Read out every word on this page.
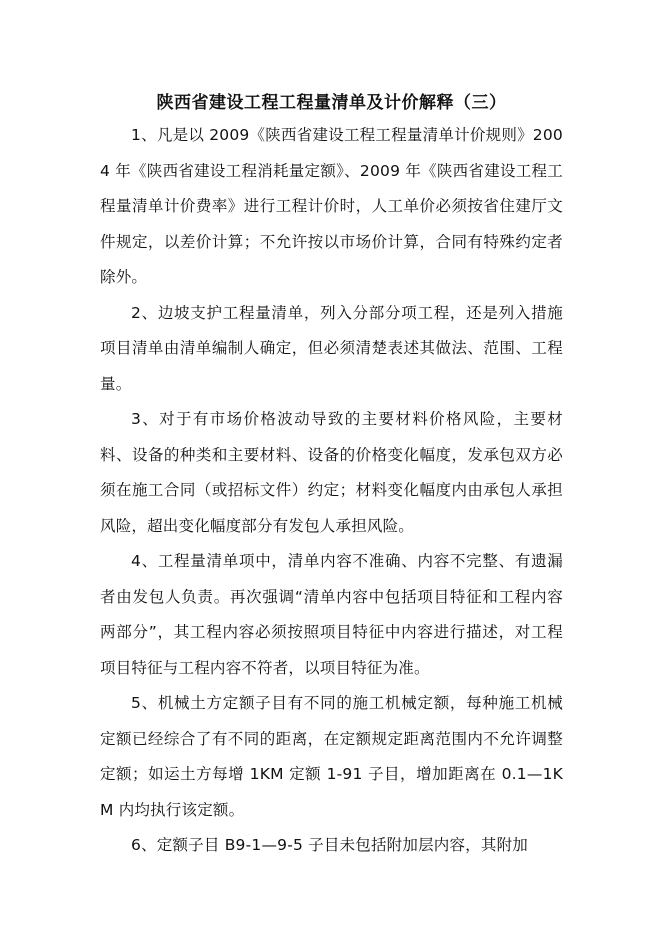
陕西省建设工程工程量清单及计价解释（三）

1、凡是以 2009《陕西省建设工程工程量清单计价规则》2004 年《陕西省建设工程消耗量定额》、2009 年《陕西省建设工程工程量清单计价费率》进行工程计价时，人工单价必须按省住建厅文件规定，以差价计算；不允许按以市场价计算，合同有特殊约定者除外。

2、边坡支护工程量清单，列入分部分项工程，还是列入措施项目清单由清单编制人确定，但必须清楚表述其做法、范围、工程量。

3、对于有市场价格波动导致的主要材料价格风险，主要材料、设备的种类和主要材料、设备的价格变化幅度，发承包双方必须在施工合同（或招标文件）约定；材料变化幅度内由承包人承担风险，超出变化幅度部分有发包人承担风险。

4、工程量清单项中，清单内容不准确、内容不完整、有遗漏者由发包人负责。再次强调“清单内容中包括项目特征和工程内容两部分”，其工程内容必须按照项目特征中内容进行描述，对工程项目特征与工程内容不符者，以项目特征为准。

5、机械土方定额子目有不同的施工机械定额，每种施工机械定额已经综合了有不同的距离，在定额规定距离范围内不允许调整定额；如运土方每增 1KM 定额 1-91 子目，增加距离在 0.1—1KM 内均执行该定额。

6、定额子目 B9-1—9-5 子目未包括附加层内容，其附加
